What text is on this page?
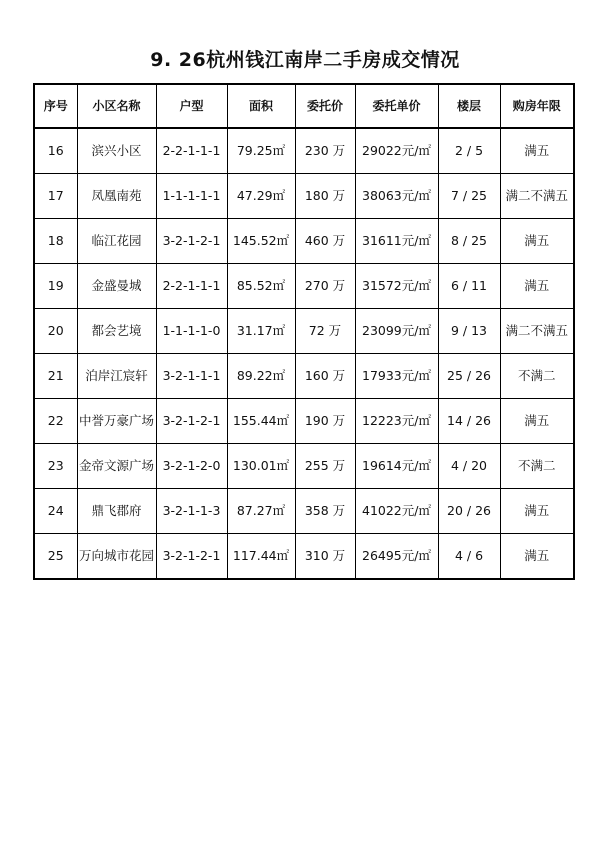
9. 26杭州钱江南岸二手房成交情况
序号	小区名称	户型	面积	委托价	委托单价	楼层	购房年限
16	滨兴小区	2-2-1-1-1	79.25㎡	230 万	29022元/㎡	2 / 5	满五
17	凤凰南苑	1-1-1-1-1	47.29㎡	180 万	38063元/㎡	7 / 25	满二不满五
18	临江花园	3-2-1-2-1	145.52㎡	460 万	31611元/㎡	8 / 25	满五
19	金盛曼城	2-2-1-1-1	85.52㎡	270 万	31572元/㎡	6 / 11	满五
20	都会艺境	1-1-1-1-0	31.17㎡	72 万	23099元/㎡	9 / 13	满二不满五
21	泊岸江宸轩	3-2-1-1-1	89.22㎡	160 万	17933元/㎡	25 / 26	不满二
22	中誉万豪广场	3-2-1-2-1	155.44㎡	190 万	12223元/㎡	14 / 26	满五
23	金帝文源广场	3-2-1-2-0	130.01㎡	255 万	19614元/㎡	4 / 20	不满二
24	鼎飞郡府	3-2-1-1-3	87.27㎡	358 万	41022元/㎡	20 / 26	满五
25	万向城市花园	3-2-1-2-1	117.44㎡	310 万	26495元/㎡	4 / 6	满五
